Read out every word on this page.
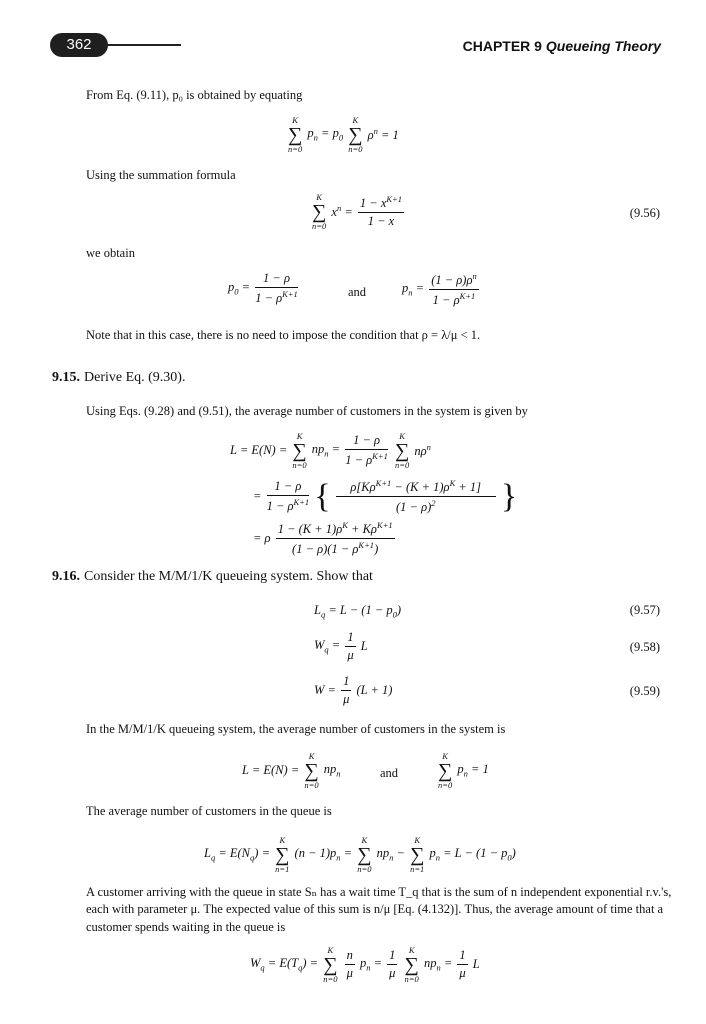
362	CHAPTER 9 Queueing Theory
From Eq. (9.11), p₀ is obtained by equating
K
∑
n=0
$p_n = p_0$
K
∑
n=0
$\rho^n = 1$
Using the summation formula
K
∑
n=0
$x^n = \frac{1 - x^{K+1}}{1 - x}$	(9.56)
we obtain
$p_0 = \frac{1 - \rho}{1 - \rho^{K+1}}$	and	$p_n = \frac{(1 - \rho)\rho^n}{1 - \rho^{K+1}}$
Note that in this case, there is no need to impose the condition that ρ = λ/μ < 1.
9.15. Derive Eq. (9.30).
Using Eqs. (9.28) and (9.51), the average number of customers in the system is given by
L = E(N) =
K
∑
n=0
$np_n = \frac{1 - \rho}{1 - \rho^{K+1}}$
	K
∑
n=0
$n\rho^n$
= $\frac{1 - \rho}{1 - \rho^{K+1}}$ { $\frac{\rho[K\rho^{K+1} - (K + 1)\rho^K + 1]}{(1 - \rho)^2}$ }
= ρ $\frac{1 - (K + 1)\rho^K + K\rho^{K+1}}{(1 - \rho)(1 - \rho^{K+1})}$
9.16. Consider the M/M/1/K queueing system. Show that
$L_q = L - (1 - p_0)$	(9.57)
$W_q = \frac{1}{\mu}$ L	(9.58)
$W = \frac{1}{\mu} (L + 1)$	(9.59)
In the M/M/1/K queueing system, the average number of customers in the system is
L = E(N) =
K
∑
n=0
$np_n$	and
K
∑
n=0
$p_n = 1$
The average number of customers in the queue is
$L_q = E(N_q)$ =
K
∑
n=1
$(n - 1)p_n$ =
K
∑
n=0
$np_n$ −
K
∑
n=1
$p_n = L - (1 - p_0)$
A customer arriving with the queue in state Sₙ has a wait time T_q that is the sum of n independent exponential r.v.'s,
each with parameter μ. The expected value of this sum is n/μ [Eq. (4.132)]. Thus, the average amount of time that a
customer spends waiting in the queue is
$W_q = E(T_q)$ =
K
∑
n=0
$\frac{n}{\mu} p_n = \frac{1}{\mu}$
	K
∑
n=0
$np_n = \frac{1}{\mu}$ L
